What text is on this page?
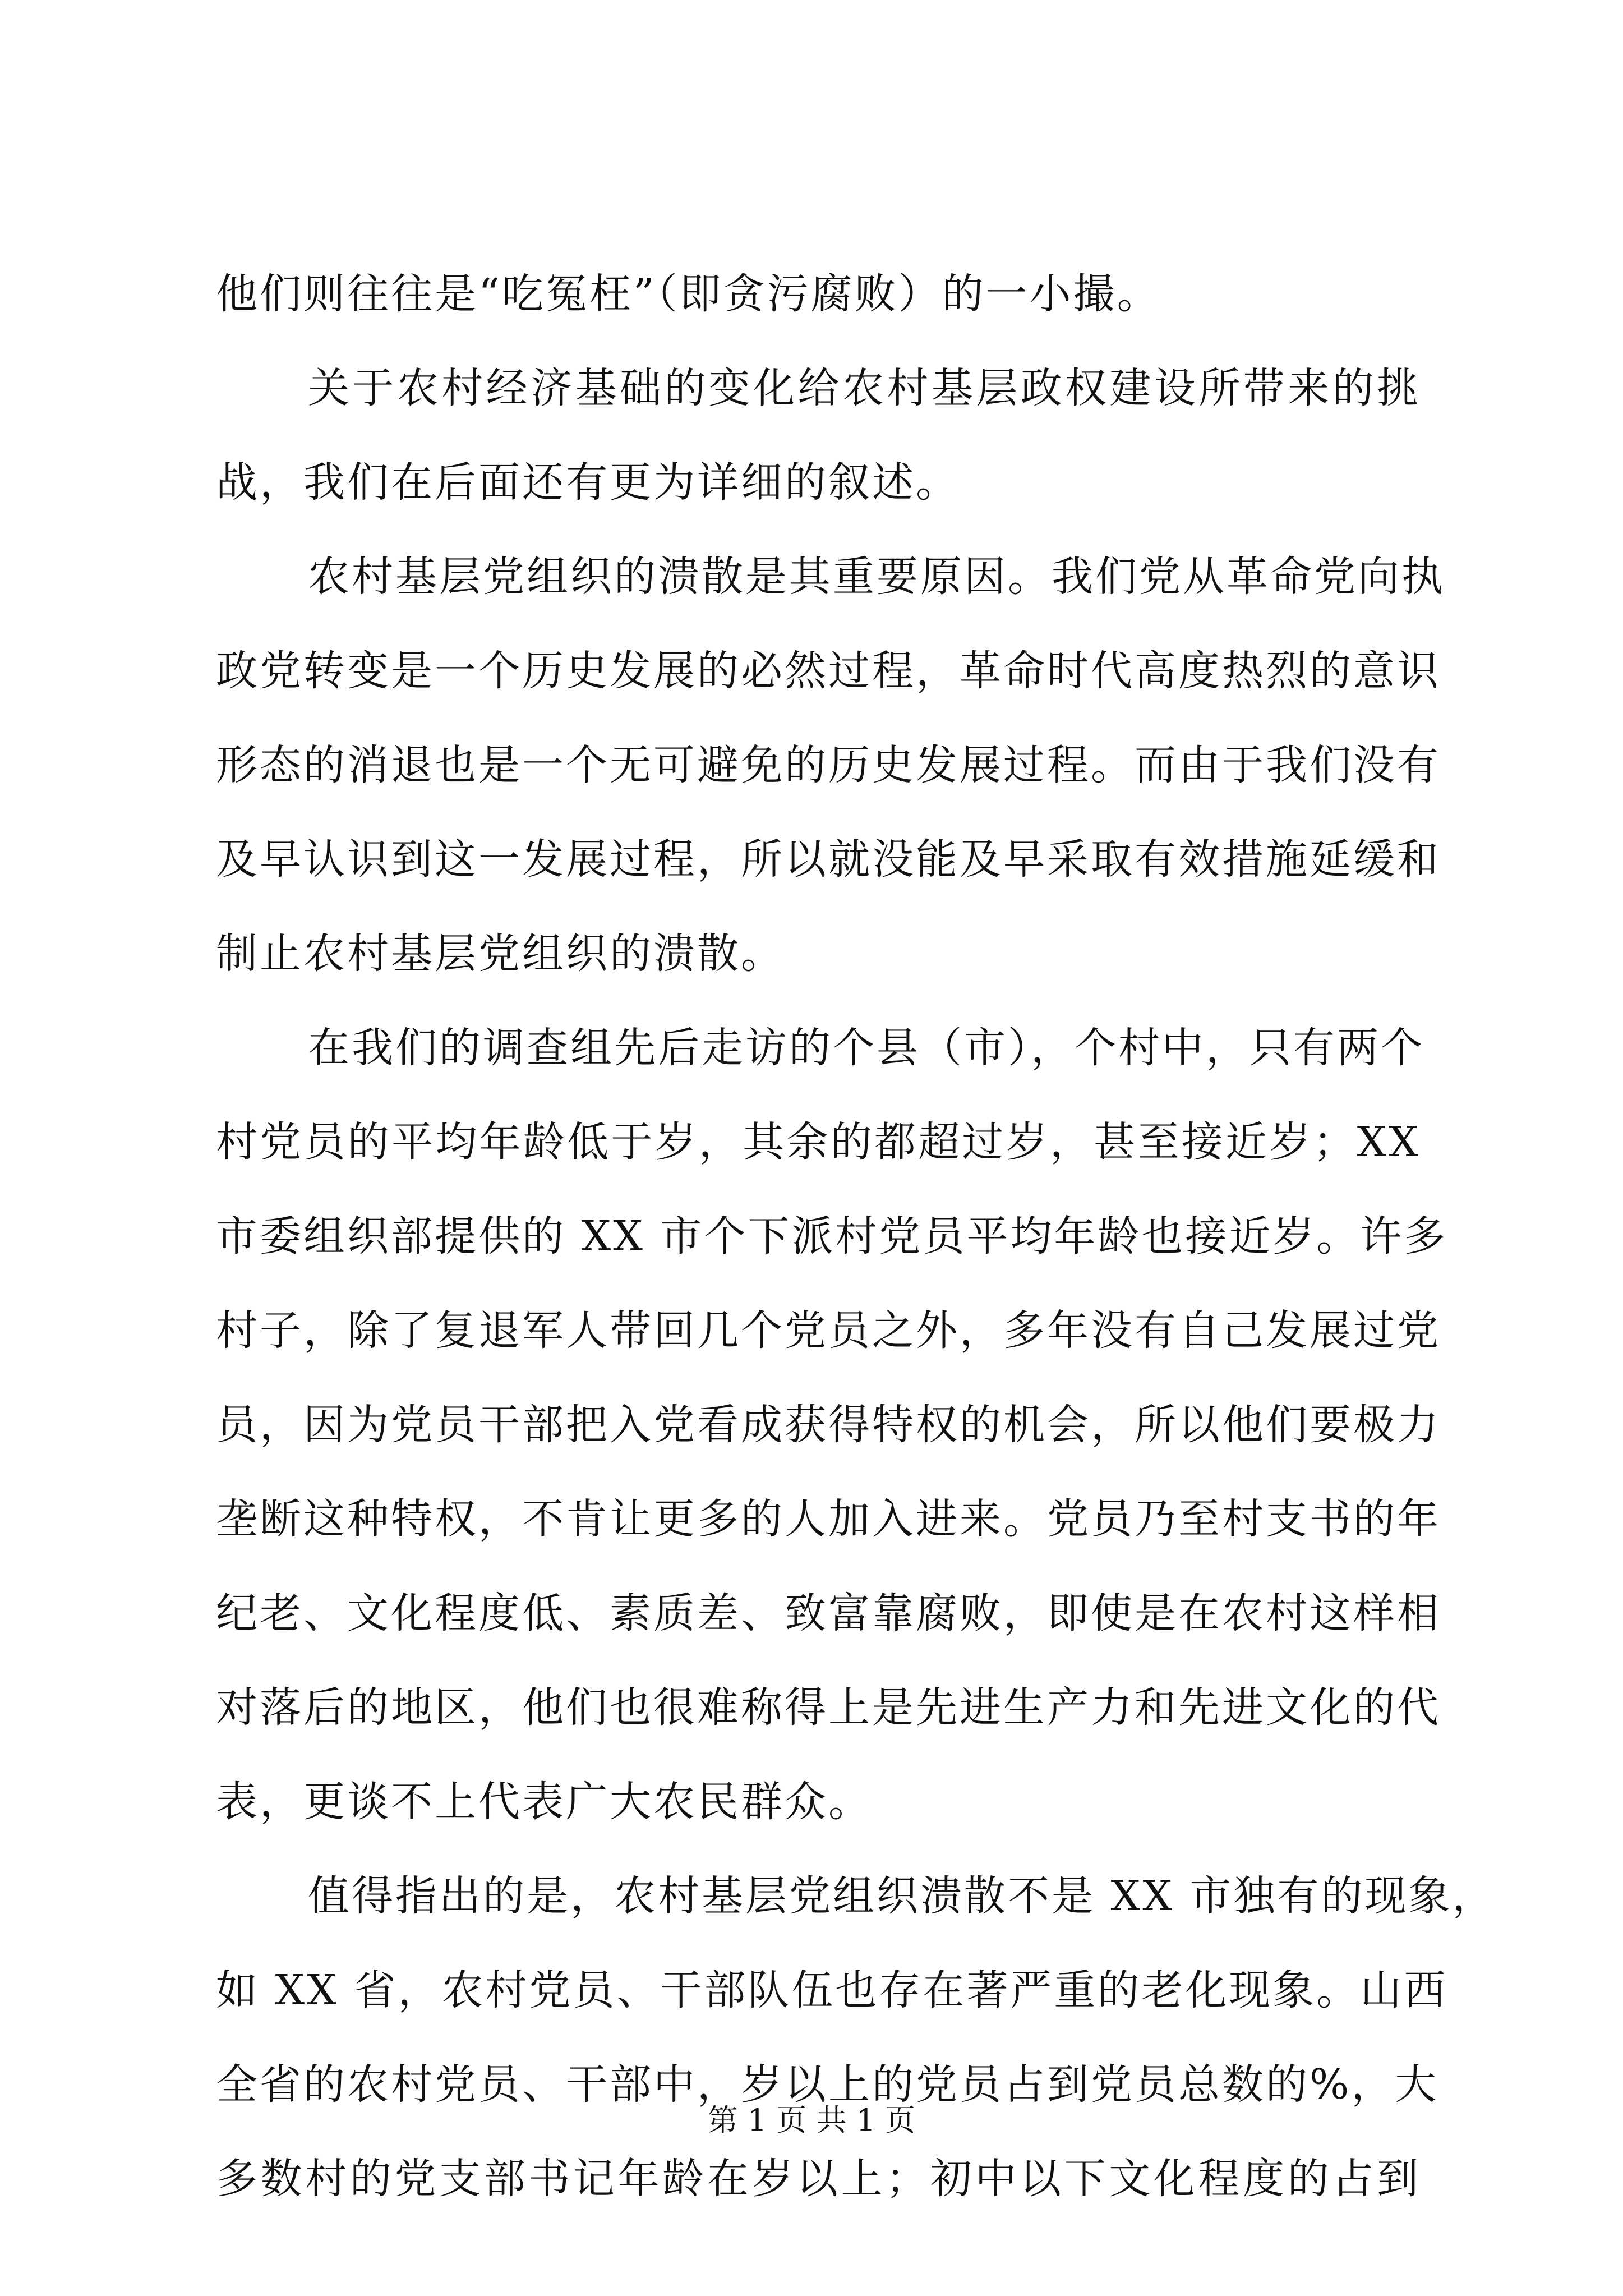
他们则往往是“吃冤枉”（即贪污腐败）的一小撮。
关于农村经济基础的变化给农村基层政权建设所带来的挑
战，我们在后面还有更为详细的叙述。
农村基层党组织的溃散是其重要原因。我们党从革命党向执
政党转变是一个历史发展的必然过程，革命时代高度热烈的意识
形态的消退也是一个无可避免的历史发展过程。而由于我们没有
及早认识到这一发展过程，所以就没能及早采取有效措施延缓和
制止农村基层党组织的溃散。
在我们的调查组先后走访的个县（市），个村中，只有两个
村党员的平均年龄低于岁，其余的都超过岁，甚至接近岁；XX
市委组织部提供的 XX 市个下派村党员平均年龄也接近岁。许多
村子，除了复退军人带回几个党员之外，多年没有自己发展过党
员，因为党员干部把入党看成获得特权的机会，所以他们要极力
垄断这种特权，不肯让更多的人加入进来。党员乃至村支书的年
纪老、文化程度低、素质差、致富靠腐败，即使是在农村这样相
对落后的地区，他们也很难称得上是先进生产力和先进文化的代
表，更谈不上代表广大农民群众。
值得指出的是，农村基层党组织溃散不是 XX 市独有的现象，
如 XX 省，农村党员、干部队伍也存在著严重的老化现象。山西
全省的农村党员、干部中，岁以上的党员占到党员总数的%，大
多数村的党支部书记年龄在岁以上；初中以下文化程度的占到
第 1 页 共 1 页
